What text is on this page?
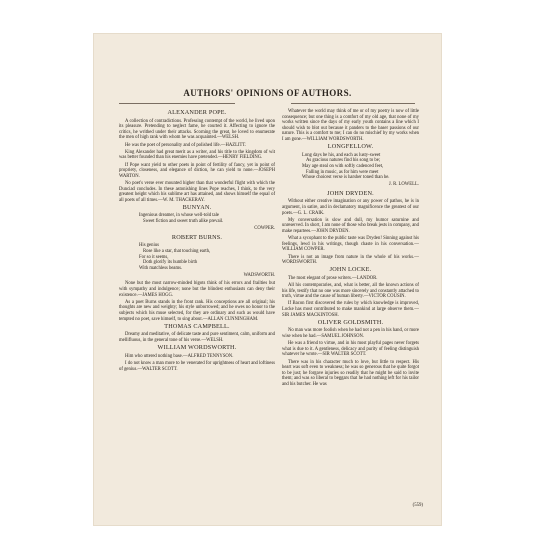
AUTHORS' OPINIONS OF AUTHORS.
ALEXANDER POPE.
A collection of contradictions. Professing contempt of the world, he lived upon its pleasure. Pretending to neglect fame, he courted it. Affecting to ignore the critics, he writhed under their attacks. Scorning the great, he loved to enumerate the men of high rank with whom he was acquainted.—WELSH.
He was the poet of personality and of polished life.—HAZLITT.
King Alexander had great merit as a writer, and his title to the kingdom of wit was better founded than his enemies have pretended.—HENRY FIELDING.
If Pope want yield to other poets in point of fertility of fancy, yet in point of propriety, closeness, and elegance of diction, he can yield to none.—JOSEPH WARTON.
No poet's verse ever mounted higher than that wonderful flight with which the Dunciad concludes. In these astonishing lines Pope reaches, I think, to the very greatest height which his sublime art has attained, and shows himself the equal of all poets of all times.—W. M. THACKERAY.
BUNYAN.
Ingenious dreamer, in whose well-told tale
Sweet fiction and sweet truth alike prevail.
COWPER.
ROBERT BURNS.
His genius
Rose like a star, that touching earth,
For so it seems,
Doth glorify its humble birth
With matchless beams.
WADSWORTH.
None but the most narrow-minded bigots think of his errors and frailties but with sympathy and indulgence; none but the blindest enthusiasts can deny their existence.—JAMES HOGG.
As a poet Burns stands in the front rank. His conceptions are all original; his thoughts are new and weighty; his style unborrowed; and he owes no honor to the subjects which his muse selected, for they are ordinary and such as would have tempted no poet, save himself, to sing about.—ALLAN CUNNINGHAM.
THOMAS CAMPBELL.
Dreamy and meditative, of delicate taste and pure sentiment, calm, uniform and mellifluous, in the general tone of his verse.—WELSH.
WILLIAM WORDSWORTH.
Him who uttered nothing base.—ALFRED TENNYSON.
I do not know a man more to be venerated for uprightness of heart and loftiness of genius.—WALTER SCOTT.
Whatever the world may think of me or of my poetry is now of little consequence; but one thing is a comfort of my old age, that none of my works written since the days of my early youth contains a line which I should wish to blot out because it panders to the baser passions of our nature. This is a comfort to me; I can do no mischief by my works when I am gone.—WILLIAM WORDSWORTH.
LONGFELLOW.
Long days be his, and each as lusty-sweet
As gracious natures find his song to be;
May age steal on with softly cadenced feet,
Falling in music, as for him were meet
Whose choicest verse is harsher toned than he.
J. R. LOWELL.
JOHN DRYDEN.
Without either creative imagination or any power of pathos, he is in argument, in satire, and in declamatory magnificence the greatest of our poets.—G. L. CRAIK.
My conversation is slow and dull, my humor saturnine and unreserved. In short, I am none of those who break jests in company, and make repartees.—JOHN DRYDEN.
What a sycophant to the public taste was Dryden! Sinning against his feelings, lewd in his writings, though chaste in his conversation.—WILLIAM COWPER.
There is not an image from nature in the whole of his works.—WORDSWORTH.
JOHN LOCKE.
The most elegant of prose writers.—LANDOR.
All his contemporaries, and, what is better, all the known actions of his life, testify that no one was more sincerely and constantly attached to truth, virtue and the cause of human liberty.—VICTOR COUSIN.
If Bacon first discovered the rules by which knowledge is improved, Locke has most contributed to make mankind at large observe them.—SIR JAMES MACKINTOSH.
OLIVER GOLDSMITH.
No man was more foolish when he had not a pen in his hand, or more wise when he had.—SAMUEL JOHNSON.
He was a friend to virtue, and in his most playful pages never forgets what is due to it. A gentleness, delicacy and purity of feeling distinguish whatever he wrote.—SIR WALTER SCOTT.
There was in his character much to love, but little to respect. His heart was soft even to weakness; he was so generous that he quite forgot to be just; he forgave injuries so readily that he might be said to invite them; and was so liberal to beggars that he had nothing left for his tailor and his butcher. He was
(559)
